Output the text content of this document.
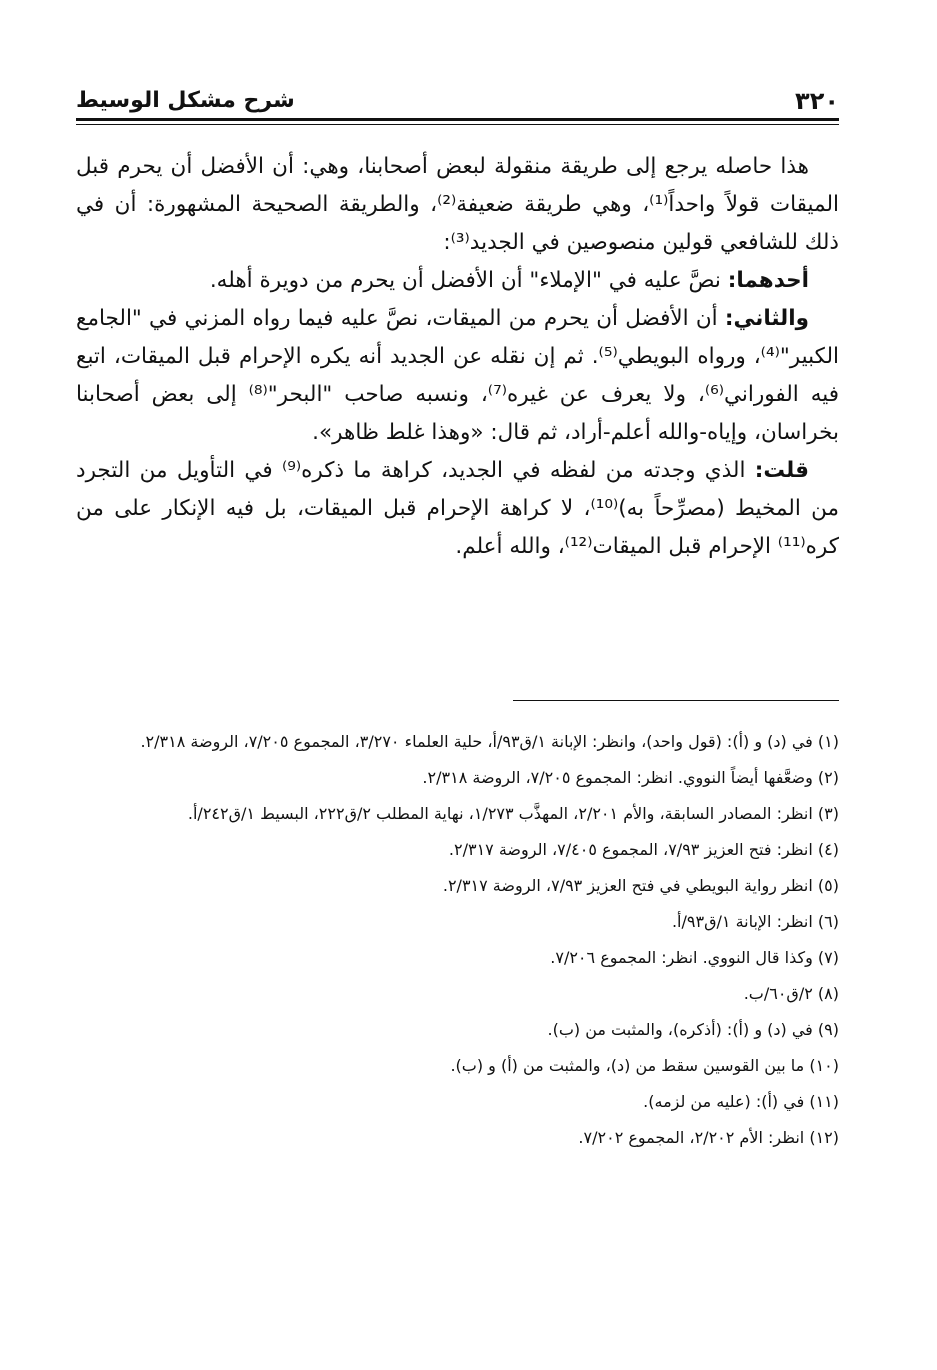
٣٢٠
شرح مشكل الوسيط

هذا حاصله يرجع إلى طريقة منقولة لبعض أصحابنا، وهي: أن الأفضل أن يحرم قبل الميقات قولاً واحداً⁽¹⁾، وهي طريقة ضعيفة⁽²⁾، والطريقة الصحيحة المشهورة: أن في ذلك للشافعي قولين منصوصين في الجديد⁽³⁾:

أحدهما: نصَّ عليه في "الإملاء" أن الأفضل أن يحرم من دويرة أهله.

والثاني: أن الأفضل أن يحرم من الميقات، نصَّ عليه فيما رواه المزني في "الجامع الكبير"⁽⁴⁾، ورواه البويطي⁽⁵⁾. ثم إن نقله عن الجديد أنه يكره الإحرام قبل الميقات، اتبع فيه الفوراني⁽⁶⁾، ولا يعرف عن غيره⁽⁷⁾، ونسبه صاحب "البحر"⁽⁸⁾ إلى بعض أصحابنا بخراسان، وإياه-والله أعلم-أراد، ثم قال: «وهذا غلط ظاهر».

قلت: الذي وجدته من لفظه في الجديد، كراهة ما ذكره⁽⁹⁾ في التأويل من التجرد من المخيط (مصرِّحاً به)⁽¹⁰⁾، لا كراهة الإحرام قبل الميقات، بل فيه الإنكار على من كره⁽¹¹⁾ الإحرام قبل الميقات⁽¹²⁾، والله أعلم.

(١) في (د) و (أ): (قول واحد)، وانظر: الإبانة ١/ق٩٣/أ، حلية العلماء ٣/٢٧٠، المجموع ٧/٢٠٥، الروضة ٢/٣١٨.
(٢) وضعَّفها أيضاً النووي. انظر: المجموع ٧/٢٠٥، الروضة ٢/٣١٨.
(٣) انظر: المصادر السابقة، والأم ٢/٢٠١، المهذَّب ١/٢٧٣، نهاية المطلب ٢/ق٢٢٢، البسيط ١/ق٢٤٢/أ.
(٤) انظر: فتح العزيز ٧/٩٣، المجموع ٧/٤٠٥، الروضة ٢/٣١٧.
(٥) انظر رواية البويطي في فتح العزيز ٧/٩٣، الروضة ٢/٣١٧.
(٦) انظر: الإبانة ١/ق٩٣/أ.
(٧) وكذا قال النووي. انظر: المجموع ٧/٢٠٦.
(٨) ٢/ق٦٠/ب.
(٩) في (د) و (أ): (أذكره)، والمثبت من (ب).
(١٠) ما بين القوسين سقط من (د)، والمثبت من (أ) و (ب).
(١١) في (أ): (عليه من لزمه).
(١٢) انظر: الأم ٢/٢٠٢، المجموع ٧/٢٠٢.
